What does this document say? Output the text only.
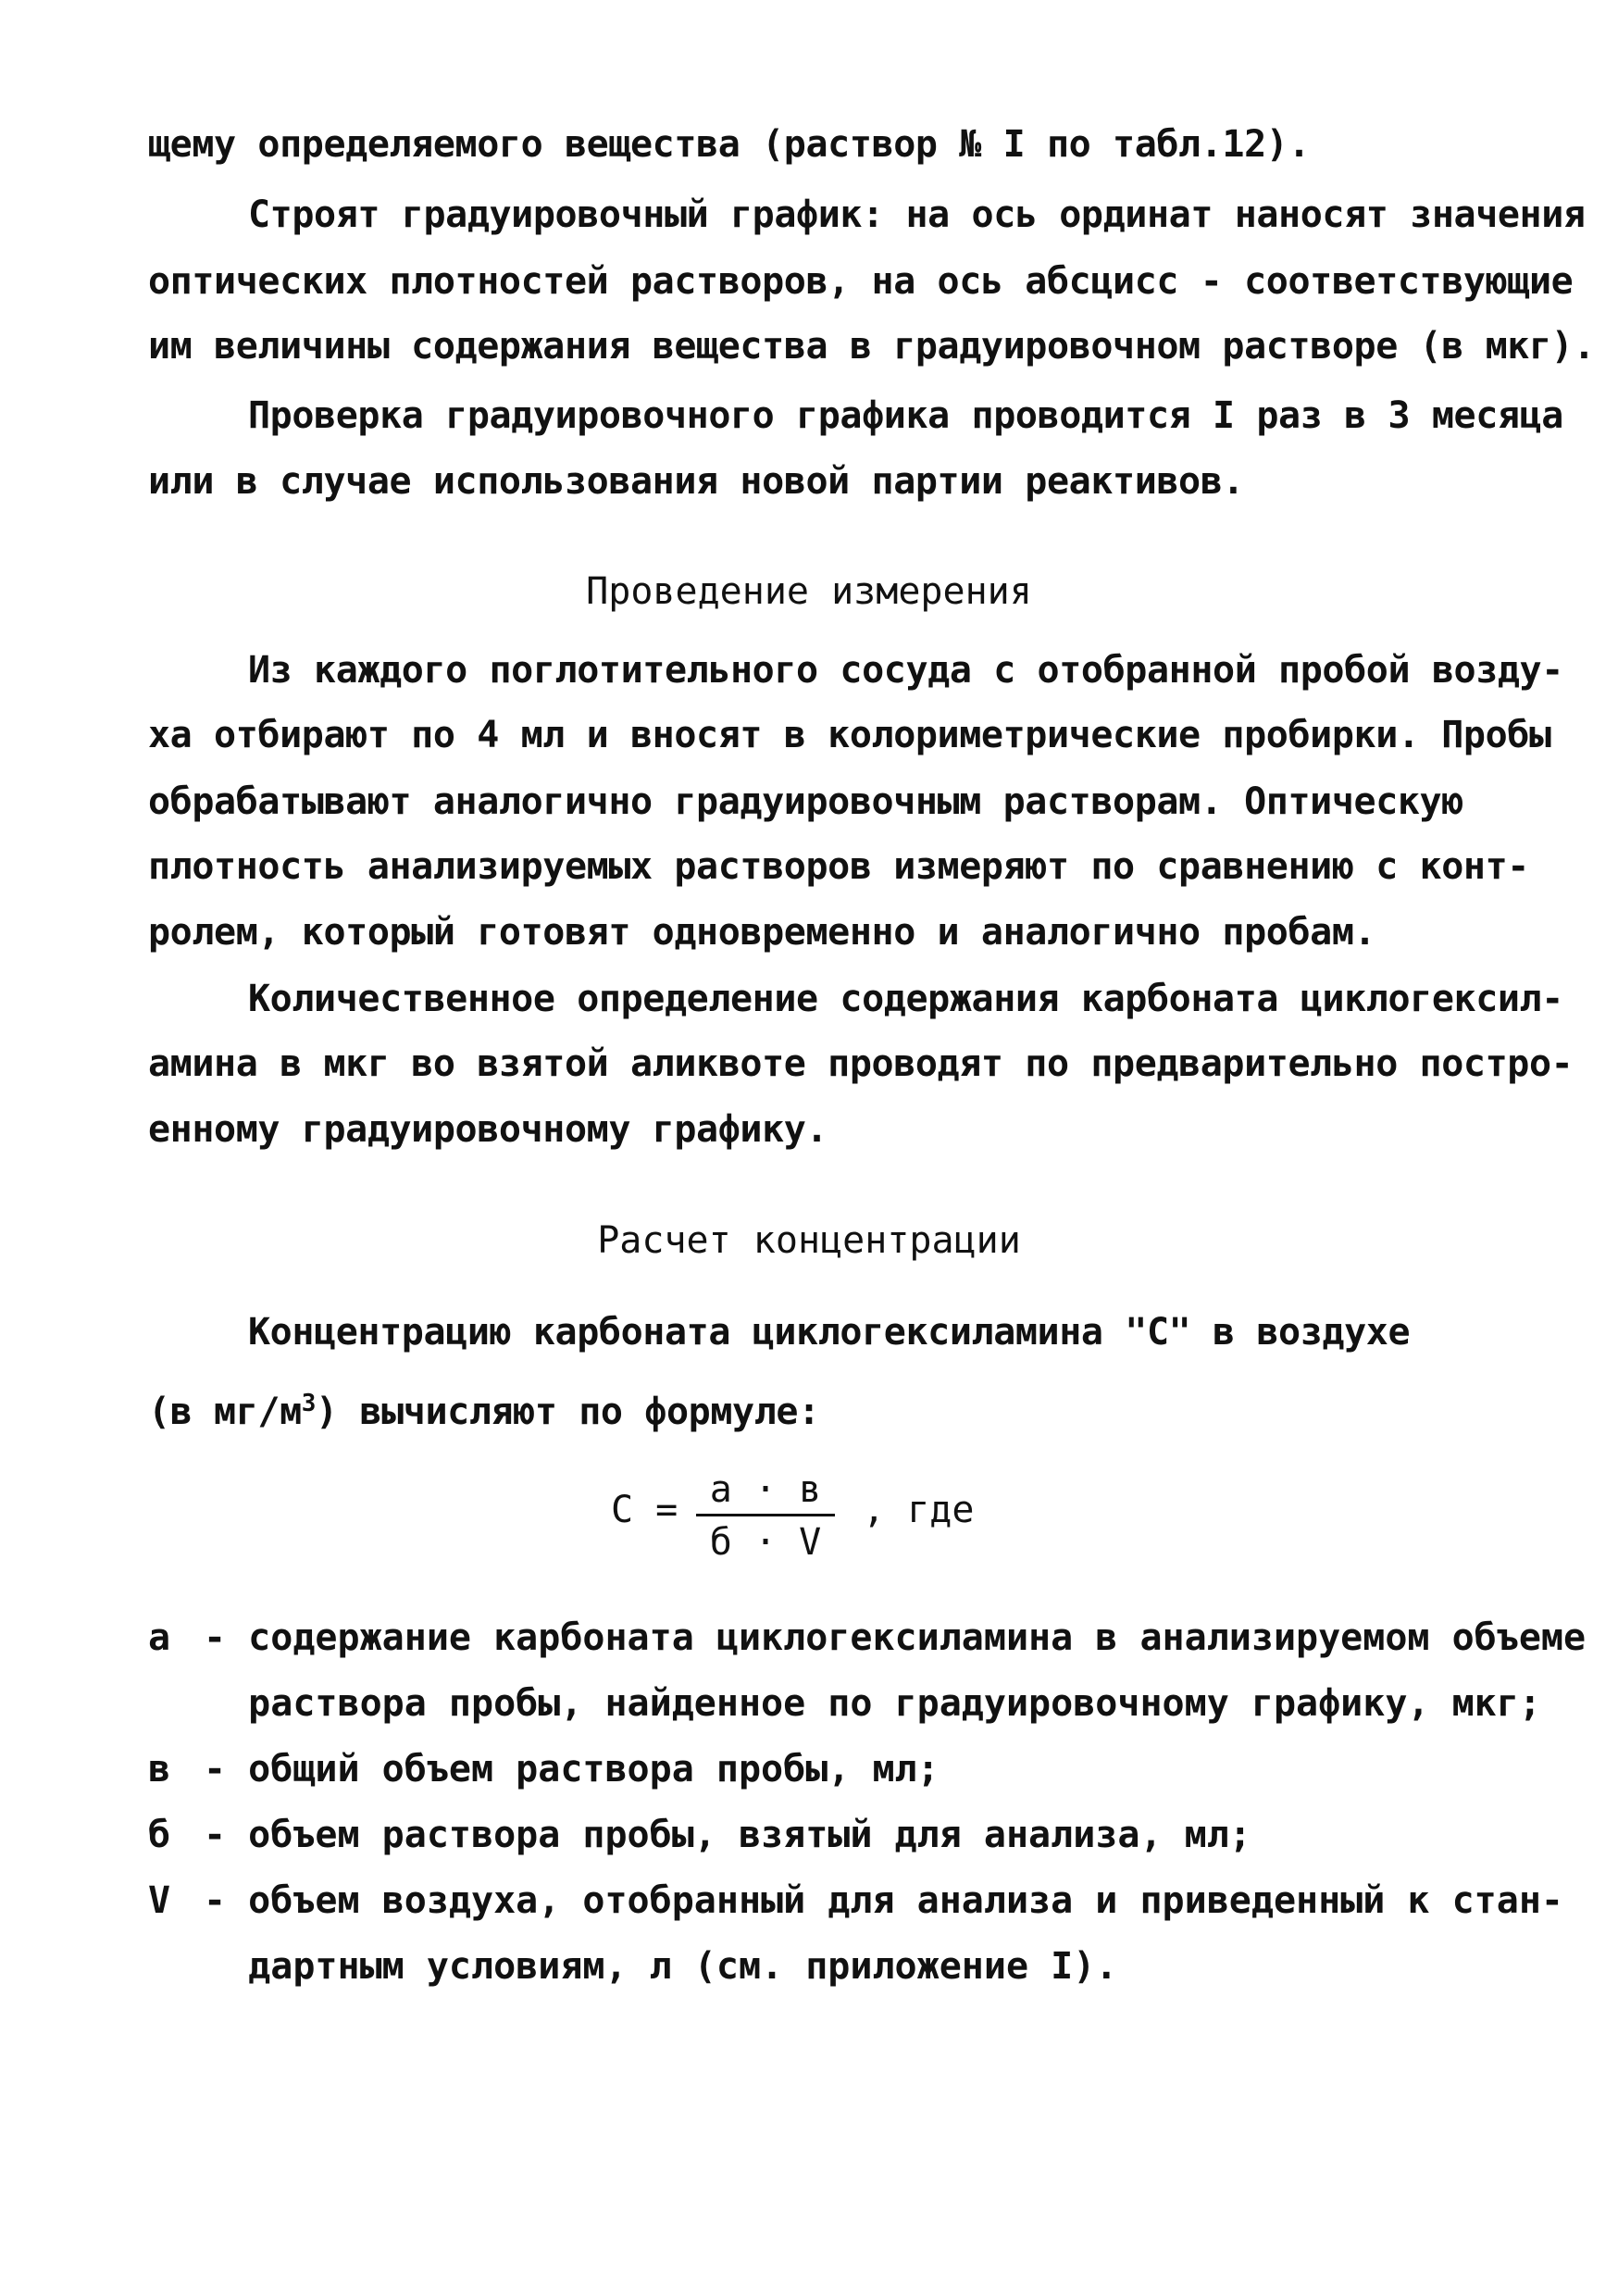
щему определяемого вещества (раствор № I по табл.12).
Строят градуировочный график: на ось ординат наносят значения
оптических плотностей растворов, на ось абсцисс - соответствующие
им величины содержания вещества в градуировочном растворе (в мкг).
Проверка градуировочного графика проводится I раз в 3 месяца
или в случае использования новой партии реактивов.
Проведение измерения
Из каждого поглотительного сосуда с отобранной пробой возду-
ха отбирают по 4 мл и вносят в колориметрические пробирки. Пробы
обрабатывают аналогично градуировочным растворам. Оптическую
плотность анализируемых растворов измеряют по сравнению с конт-
ролем, который готовят одновременно и аналогично пробам.
Количественное определение содержания карбоната циклогексил-
амина в мкг во взятой аликвоте проводят по предварительно постро-
енному градуировочному графику.
Расчет концентрации
Концентрацию карбоната циклогексиламина "С" в воздухе
(в $мг/м^3$) вычисляют по формуле:
С = а · в
б · V
, где
а - содержание карбоната циклогексиламина в анализируемом объеме
раствора пробы, найденное по градуировочному графику, мкг;
в - общий объем раствора пробы, мл;
б - объем раствора пробы, взятый для анализа, мл;
V - объем воздуха, отобранный для анализа и приведенный к стан-
дартным условиям, л (см. приложение I).
